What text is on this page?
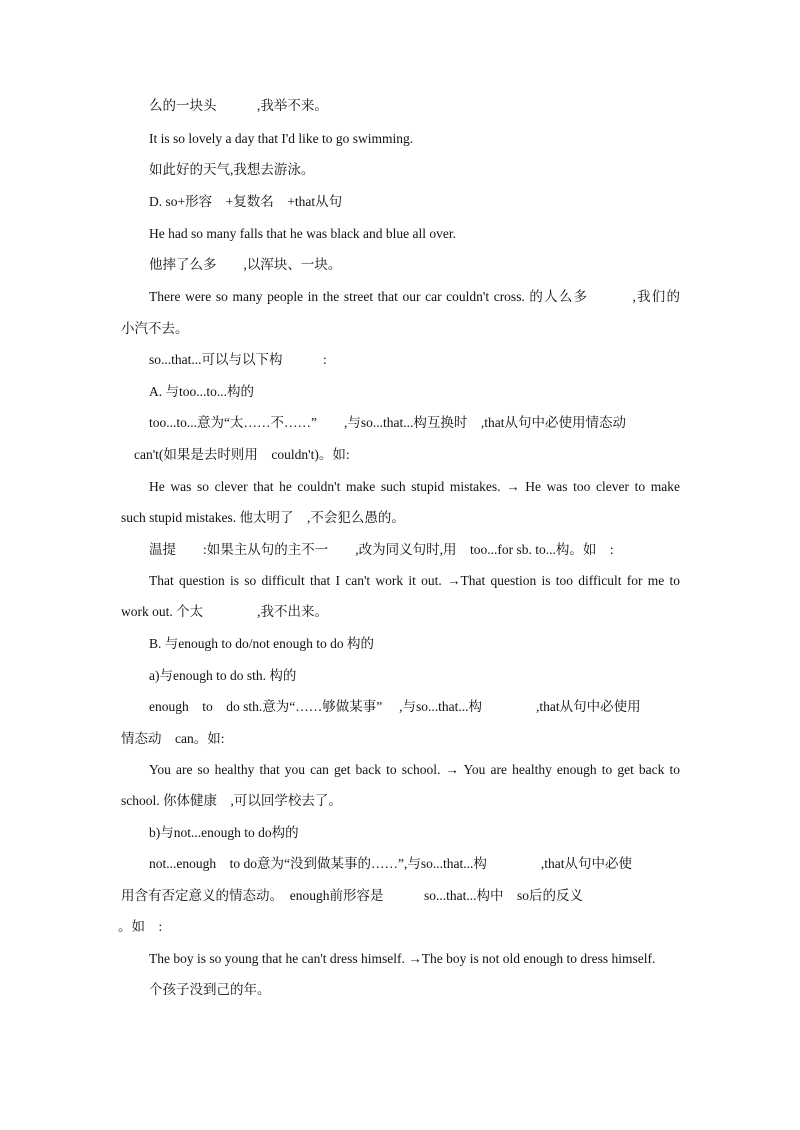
么的一块头　　　,我举不来。
It is so lovely a day that I'd like to go swimming.
如此好的天气,我想去游泳。
D. so+形容　+复数名　+that从句
He had so many falls that he was black and blue all over.
他摔了么多　　,以浑块、一块。
There were so many people in the street that our car couldn't cross. 的人么多　　　,我们的
小汽不去。
so...that...可以与以下构　　　:
A. 与too...to...构的
too...to...意为“太……不……”　　,与so...that...构互换时　,that从句中必使用情态动
can't(如果是去时则用　couldn't)。如:
He was so clever that he couldn't make such stupid mistakes. → He was too clever to make
such stupid mistakes. 他太明了　,不会犯么愚的。
温提　　:如果主从句的主不一　　,改为同义句时,用　too...for sb. to...构。如　:
That question is so difficult that I can't work it out. →That question is too difficult for me to
work out. 个太　　　　,我不出来。
B. 与enough to do/not enough to do 构的
a)与enough to do sth. 构的
enough　to　do sth.意为“……够做某事”　 ,与so...that...构　　　　,that从句中必使用
情态动　can。如:
You are so healthy that you can get back to school. → You are healthy enough to get back to
school. 你体健康　,可以回学校去了。
b)与not...enough to do构的
not...enough　to do意为“没到做某事的……”,与so...that...构　　　　,that从句中必使
用含有否定意义的情态动。　enough前形容是　　　so...that...构中　so后的反义
。如　:
The boy is so young that he can't dress himself. →The boy is not old enough to dress himself.
个孩子没到己的年。
